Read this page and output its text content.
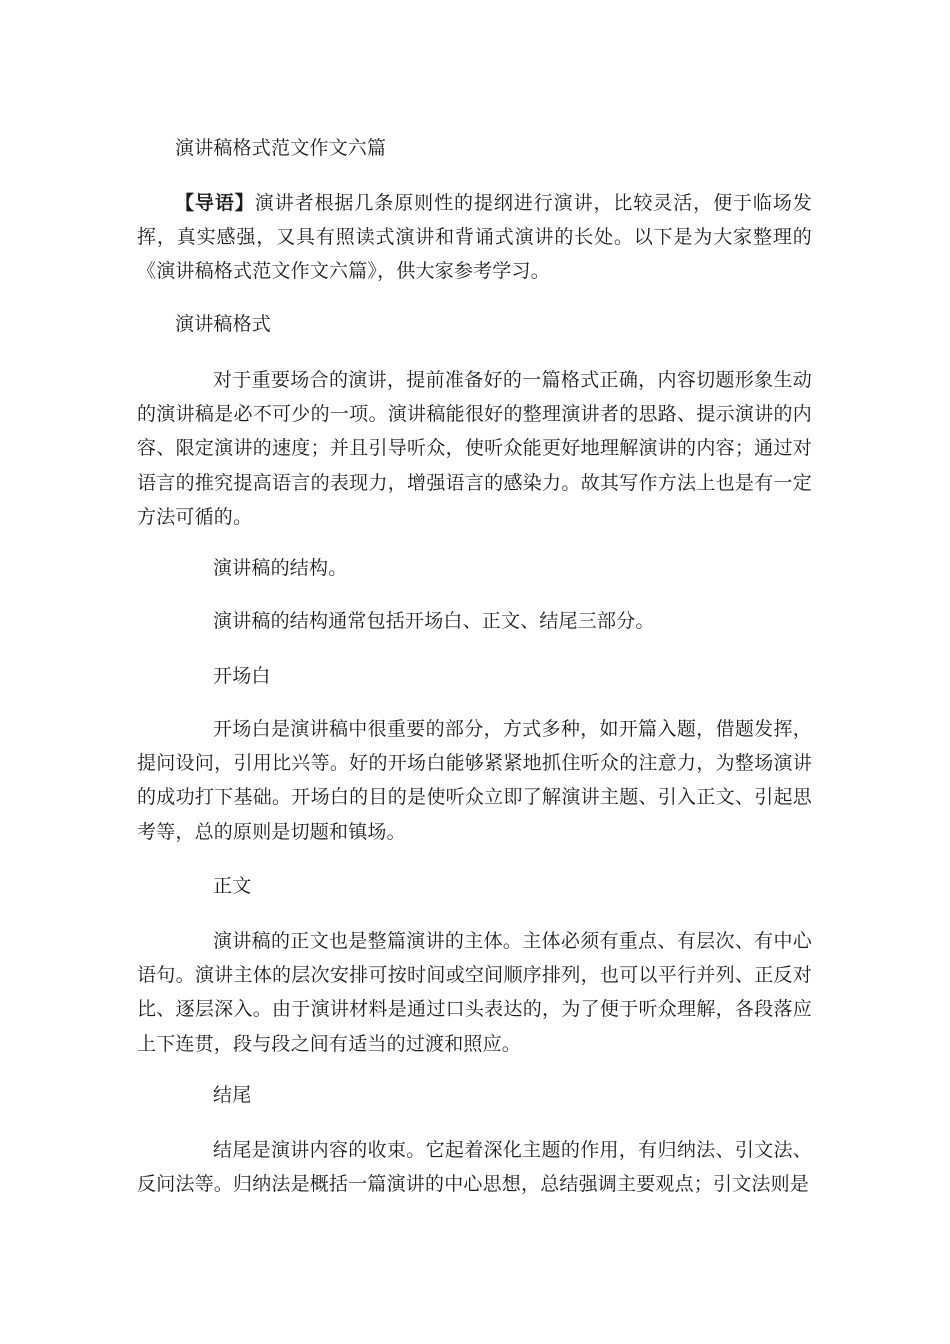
演讲稿格式范文作文六篇
【导语】演讲者根据几条原则性的提纲进行演讲，比较灵活，便于临场发挥，真实感强，又具有照读式演讲和背诵式演讲的长处。以下是为大家整理的《演讲稿格式范文作文六篇》，供大家参考学习。
演讲稿格式
对于重要场合的演讲，提前准备好的一篇格式正确，内容切题形象生动的演讲稿是必不可少的一项。演讲稿能很好的整理演讲者的思路、提示演讲的内容、限定演讲的速度；并且引导听众，使听众能更好地理解演讲的内容；通过对语言的推究提高语言的表现力，增强语言的感染力。故其写作方法上也是有一定方法可循的。
演讲稿的结构。
演讲稿的结构通常包括开场白、正文、结尾三部分。
开场白
开场白是演讲稿中很重要的部分，方式多种，如开篇入题，借题发挥，提问设问，引用比兴等。好的开场白能够紧紧地抓住听众的注意力，为整场演讲的成功打下基础。开场白的目的是使听众立即了解演讲主题、引入正文、引起思考等，总的原则是切题和镇场。
正文
演讲稿的正文也是整篇演讲的主体。主体必须有重点、有层次、有中心语句。演讲主体的层次安排可按时间或空间顺序排列，也可以平行并列、正反对比、逐层深入。由于演讲材料是通过口头表达的，为了便于听众理解，各段落应上下连贯，段与段之间有适当的过渡和照应。
结尾
结尾是演讲内容的收束。它起着深化主题的作用，有归纳法、引文法、反问法等。归纳法是概括一篇演讲的中心思想，总结强调主要观点；引文法则是
